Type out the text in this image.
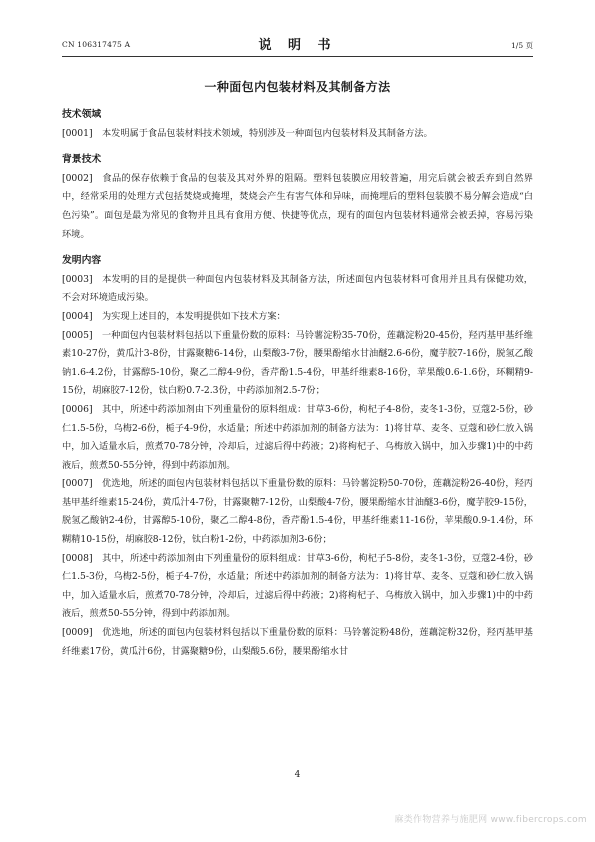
CN 106317475 A	说 明 书	1/5 页
一种面包内包装材料及其制备方法
技术领域

[0001] 本发明属于食品包装材料技术领域，特别涉及一种面包内包装材料及其制备方法。

背景技术

[0002] 食品的保存依赖于食品的包装及其对外界的阻隔。塑料包装膜应用较普遍，用完后就会被丢弃到自然界中，经常采用的处理方式包括焚烧或掩埋，焚烧会产生有害气体和异味，而掩埋后的塑料包装膜不易分解会造成“白色污染”。面包是最为常见的食物并且具有食用方便、快捷等优点，现有的面包内包装材料通常会被丢掉，容易污染环境。

发明内容

[0003] 本发明的目的是提供一种面包内包装材料及其制备方法，所述面包内包装材料可食用并且具有保健功效，不会对环境造成污染。

[0004] 为实现上述目的，本发明提供如下技术方案：

[0005] 一种面包内包装材料包括以下重量份数的原料：马铃薯淀粉35-70份，莲藕淀粉20-45份，羟丙基甲基纤维素10-27份，黄瓜汁3-8份，甘露聚糖6-14份，山梨酸3-7份，腰果酚缩水甘油醚2.6-6份，魔芋胶7-16份，脱氢乙酸钠1.6-4.2份，甘露醇5-10份，聚乙二醇4-9份，香芹酚1.5-4份，甲基纤维素8-16份，苹果酸0.6-1.6份，环糊精9-15份，胡麻胶7-12份，钛白粉0.7-2.3份，中药添加剂2.5-7份；

[0006] 其中，所述中药添加剂由下列重量份的原料组成：甘草3-6份，枸杞子4-8份，麦冬1-3份，豆蔻2-5份，砂仁1.5-5份，乌梅2-6份，栀子4-9份，水适量；所述中药添加剂的制备方法为：1)将甘草、麦冬、豆蔻和砂仁放入锅中，加入适量水后，煎煮70-78分钟，冷却后，过滤后得中药液；2)将枸杞子、乌梅放入锅中，加入步骤1)中的中药液后，煎煮50-55分钟，得到中药添加剂。

[0007] 优选地，所述的面包内包装材料包括以下重量份数的原料：马铃薯淀粉50-70份，莲藕淀粉26-40份，羟丙基甲基纤维素15-24份，黄瓜汁4-7份，甘露聚糖7-12份，山梨酸4-7份，腰果酚缩水甘油醚3-6份，魔芋胶9-15份，脱氢乙酸钠2-4份，甘露醇5-10份，聚乙二醇4-8份，香芹酚1.5-4份，甲基纤维素11-16份，苹果酸0.9-1.4份，环糊精10-15份，胡麻胶8-12份，钛白粉1-2份，中药添加剂3-6份；

[0008] 其中，所述中药添加剂由下列重量份的原料组成：甘草3-6份，枸杞子5-8份，麦冬1-3份，豆蔻2-4份，砂仁1.5-3份，乌梅2-5份，栀子4-7份，水适量；所述中药添加剂的制备方法为：1)将甘草、麦冬、豆蔻和砂仁放入锅中，加入适量水后，煎煮70-78分钟，冷却后，过滤后得中药液；2)将枸杞子、乌梅放入锅中，加入步骤1)中的中药液后，煎煮50-55分钟，得到中药添加剂。

[0009] 优选地，所述的面包内包装材料包括以下重量份数的原料：马铃薯淀粉48份，莲藕淀粉32份，羟丙基甲基纤维素17份，黄瓜汁6份，甘露聚糖9份，山梨酸5.6份，腰果酚缩水甘

4
麻类作物营养与施肥网 www.fibercrops.com
